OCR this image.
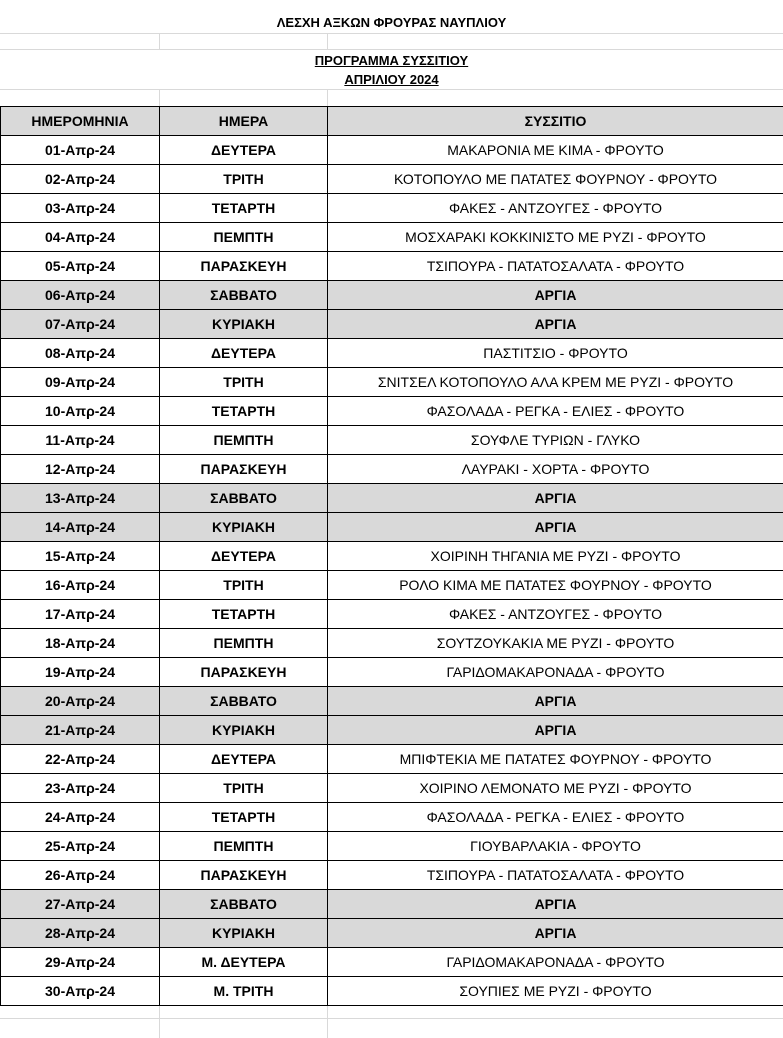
ΛΕΣΧΗ ΑΞΚΩΝ ΦΡΟΥΡΑΣ ΝΑΥΠΛΙΟΥ
ΠΡΟΓΡΑΜΜΑ ΣΥΣΣΙΤΙΟΥ
ΑΠΡΙΛΙΟΥ 2024
ΗΜΕΡΟΜΗΝΙΑ	ΗΜΕΡΑ	ΣΥΣΣΙΤΙΟ
01-Απρ-24	ΔΕΥΤΕΡΑ	ΜΑΚΑΡΟΝΙΑ ΜΕ ΚΙΜΑ - ΦΡΟΥΤΟ
02-Απρ-24	ΤΡΙΤΗ	ΚΟΤΟΠΟΥΛΟ ΜΕ ΠΑΤΑΤΕΣ ΦΟΥΡΝΟΥ - ΦΡΟΥΤΟ
03-Απρ-24	ΤΕΤΑΡΤΗ	ΦΑΚΕΣ - ΑΝΤΖΟΥΓΕΣ - ΦΡΟΥΤΟ
04-Απρ-24	ΠΕΜΠΤΗ	ΜΟΣΧΑΡΑΚΙ ΚΟΚΚΙΝΙΣΤΟ ΜΕ ΡΥΖΙ - ΦΡΟΥΤΟ
05-Απρ-24	ΠΑΡΑΣΚΕΥΗ	ΤΣΙΠΟΥΡΑ - ΠΑΤΑΤΟΣΑΛΑΤΑ - ΦΡΟΥΤΟ
06-Απρ-24	ΣΑΒΒΑΤΟ	ΑΡΓΙΑ
07-Απρ-24	ΚΥΡΙΑΚΗ	ΑΡΓΙΑ
08-Απρ-24	ΔΕΥΤΕΡΑ	ΠΑΣΤΙΤΣΙΟ - ΦΡΟΥΤΟ
09-Απρ-24	ΤΡΙΤΗ	ΣΝΙΤΣΕΛ ΚΟΤΟΠΟΥΛΟ ΑΛΑ ΚΡΕΜ ΜΕ ΡΥΖΙ - ΦΡΟΥΤΟ
10-Απρ-24	ΤΕΤΑΡΤΗ	ΦΑΣΟΛΑΔΑ - ΡΕΓΚΑ - ΕΛΙΕΣ - ΦΡΟΥΤΟ
11-Απρ-24	ΠΕΜΠΤΗ	ΣΟΥΦΛΕ ΤΥΡΙΩΝ - ΓΛΥΚΟ
12-Απρ-24	ΠΑΡΑΣΚΕΥΗ	ΛΑΥΡΑΚΙ - ΧΟΡΤΑ - ΦΡΟΥΤΟ
13-Απρ-24	ΣΑΒΒΑΤΟ	ΑΡΓΙΑ
14-Απρ-24	ΚΥΡΙΑΚΗ	ΑΡΓΙΑ
15-Απρ-24	ΔΕΥΤΕΡΑ	ΧΟΙΡΙΝΗ ΤΗΓΑΝΙΑ ΜΕ ΡΥΖΙ - ΦΡΟΥΤΟ
16-Απρ-24	ΤΡΙΤΗ	ΡΟΛΟ ΚΙΜΑ ΜΕ ΠΑΤΑΤΕΣ ΦΟΥΡΝΟΥ - ΦΡΟΥΤΟ
17-Απρ-24	ΤΕΤΑΡΤΗ	ΦΑΚΕΣ - ΑΝΤΖΟΥΓΕΣ - ΦΡΟΥΤΟ
18-Απρ-24	ΠΕΜΠΤΗ	ΣΟΥΤΖΟΥΚΑΚΙΑ ΜΕ ΡΥΖΙ - ΦΡΟΥΤΟ
19-Απρ-24	ΠΑΡΑΣΚΕΥΗ	ΓΑΡΙΔΟΜΑΚΑΡΟΝΑΔΑ - ΦΡΟΥΤΟ
20-Απρ-24	ΣΑΒΒΑΤΟ	ΑΡΓΙΑ
21-Απρ-24	ΚΥΡΙΑΚΗ	ΑΡΓΙΑ
22-Απρ-24	ΔΕΥΤΕΡΑ	ΜΠΙΦΤΕΚΙΑ ΜΕ ΠΑΤΑΤΕΣ ΦΟΥΡΝΟΥ - ΦΡΟΥΤΟ
23-Απρ-24	ΤΡΙΤΗ	ΧΟΙΡΙΝΟ ΛΕΜΟΝΑΤΟ ΜΕ ΡΥΖΙ - ΦΡΟΥΤΟ
24-Απρ-24	ΤΕΤΑΡΤΗ	ΦΑΣΟΛΑΔΑ - ΡΕΓΚΑ - ΕΛΙΕΣ - ΦΡΟΥΤΟ
25-Απρ-24	ΠΕΜΠΤΗ	ΓΙΟΥΒΑΡΛΑΚΙΑ - ΦΡΟΥΤΟ
26-Απρ-24	ΠΑΡΑΣΚΕΥΗ	ΤΣΙΠΟΥΡΑ - ΠΑΤΑΤΟΣΑΛΑΤΑ - ΦΡΟΥΤΟ
27-Απρ-24	ΣΑΒΒΑΤΟ	ΑΡΓΙΑ
28-Απρ-24	ΚΥΡΙΑΚΗ	ΑΡΓΙΑ
29-Απρ-24	Μ. ΔΕΥΤΕΡΑ	ΓΑΡΙΔΟΜΑΚΑΡΟΝΑΔΑ - ΦΡΟΥΤΟ
30-Απρ-24	Μ. ΤΡΙΤΗ	ΣΟΥΠΙΕΣ ΜΕ ΡΥΖΙ - ΦΡΟΥΤΟ
